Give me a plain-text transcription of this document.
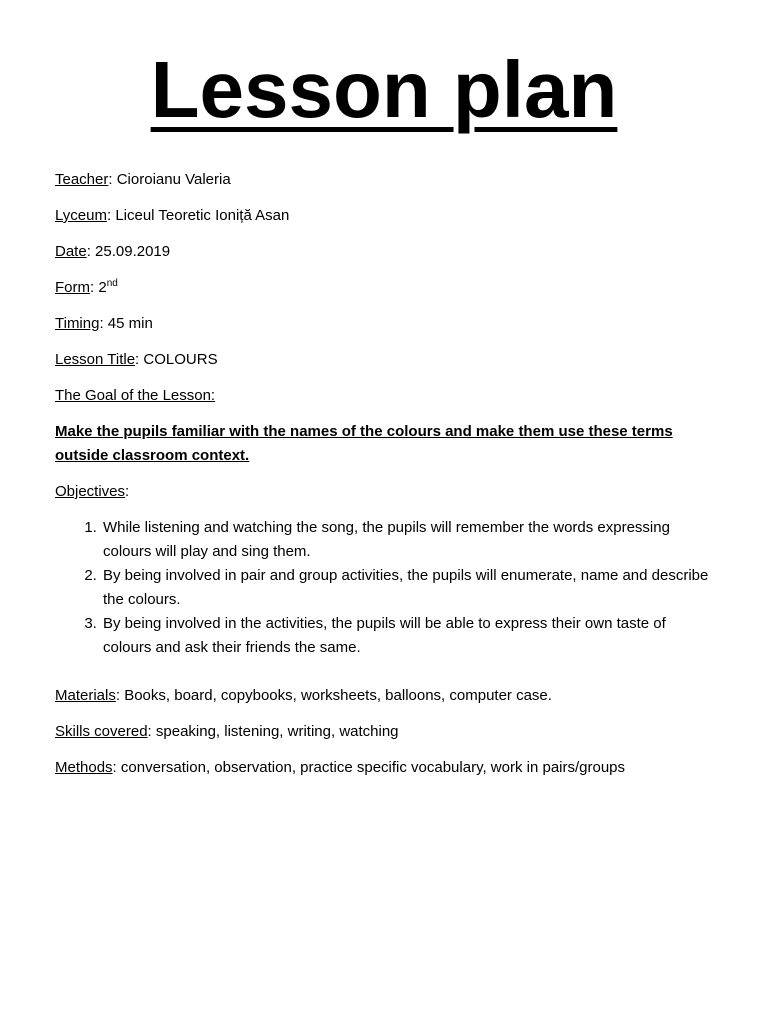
Lesson plan

Teacher: Cioroianu Valeria

Lyceum: Liceul Teoretic Ioniță Asan

Date: 25.09.2019

Form: 2nd

Timing: 45 min

Lesson Title: COLOURS

The Goal of the Lesson:

Make the pupils familiar with the names of the colours and make them use these terms outside classroom context.

Objectives:

1. While listening and watching the song, the pupils will remember the words expressing colours will play and sing them.
2. By being involved in pair and group activities, the pupils will enumerate, name and describe the colours.
3. By being involved in the activities, the pupils will be able to express their own taste of colours and ask their friends the same.

Materials: Books, board, copybooks, worksheets, balloons, computer case.

Skills covered: speaking, listening, writing, watching

Methods: conversation, observation, practice specific vocabulary, work in pairs/groups
